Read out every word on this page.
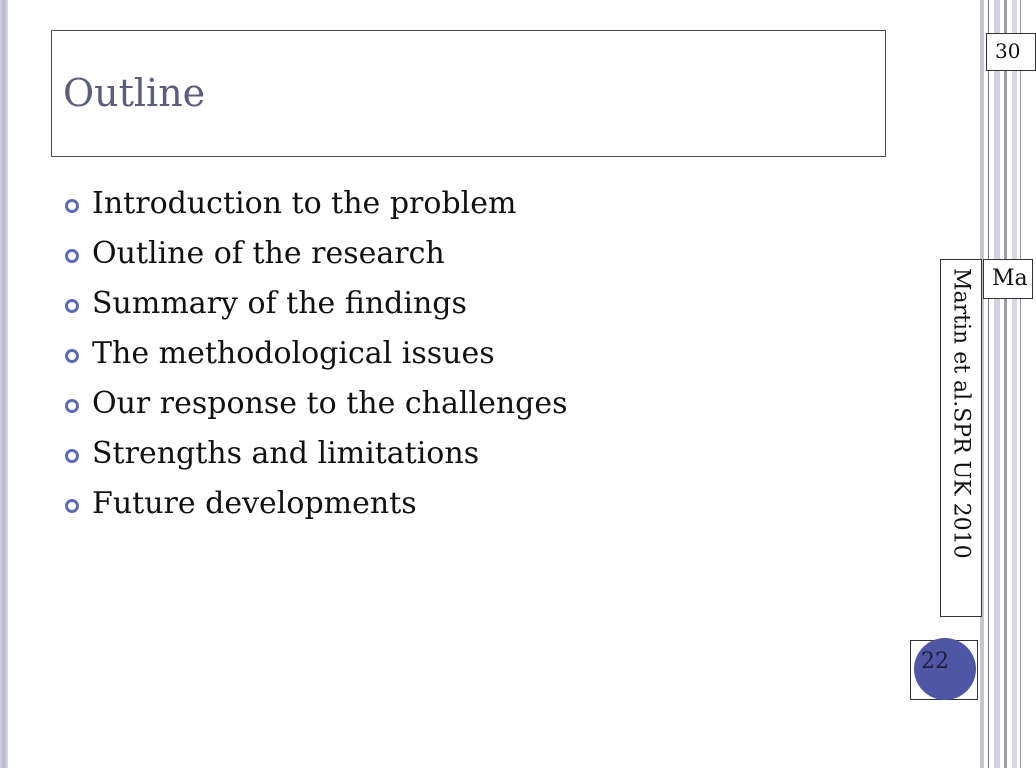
Outline
Introduction to the problem
Outline of the research
Summary of the findings
The methodological issues
Our response to the challenges
Strengths and limitations
Future developments
30
Ma
Martin et al.SPR UK 2010
22
